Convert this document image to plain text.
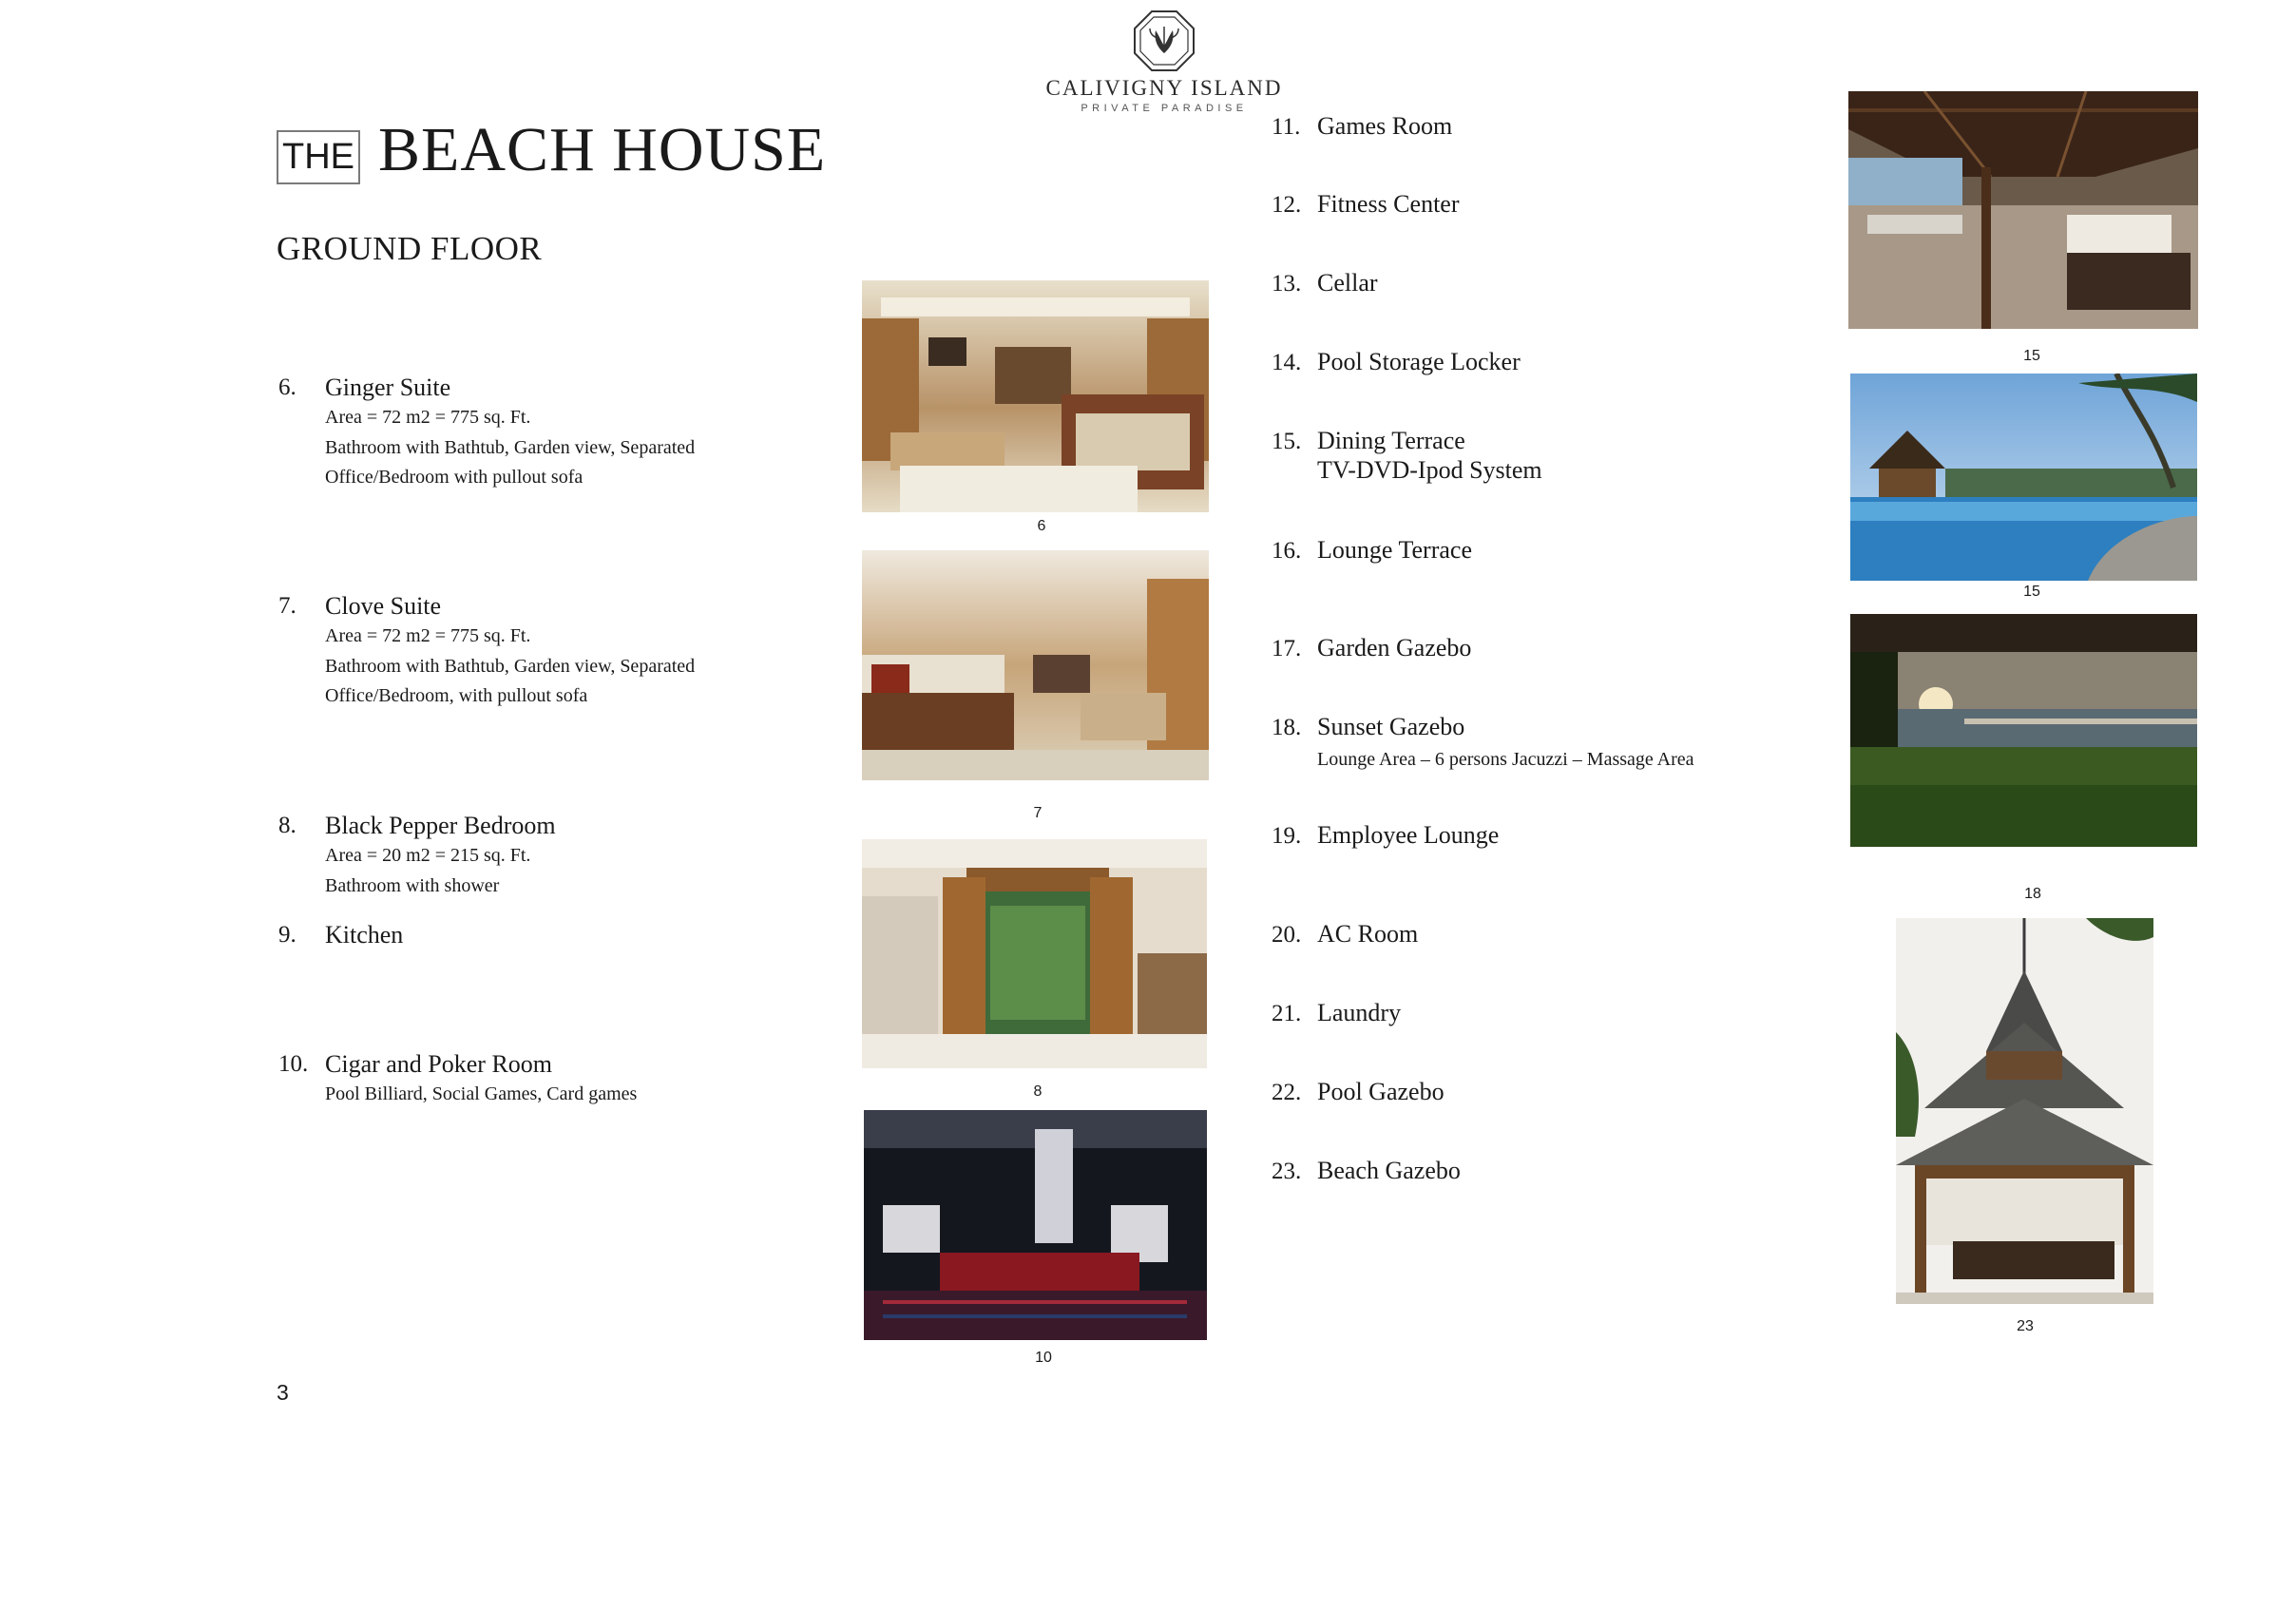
CALIVIGNY ISLAND
PRIVATE PARADISE
THE BEACH HOUSE
GROUND FLOOR
6. Ginger Suite
Area = 72 m2 = 775 sq. Ft.
Bathroom with Bathtub, Garden view, Separated
Office/Bedroom with pullout sofa
7. Clove Suite
Area = 72 m2 = 775 sq. Ft.
Bathroom with Bathtub, Garden view, Separated
Office/Bedroom, with pullout sofa
8. Black Pepper Bedroom
Area = 20 m2 = 215 sq. Ft.
Bathroom with shower
9. Kitchen
10. Cigar and Poker Room
Pool Billiard, Social Games, Card games
6
7
8
10
11. Games Room
12. Fitness Center
13. Cellar
14. Pool Storage Locker
15. Dining Terrace
TV-DVD-Ipod System
16. Lounge Terrace
17. Garden Gazebo
18. Sunset Gazebo
Lounge Area – 6 persons Jacuzzi – Massage Area
19. Employee Lounge
20. AC Room
21. Laundry
22. Pool Gazebo
23. Beach Gazebo
15
15
18
23
3
